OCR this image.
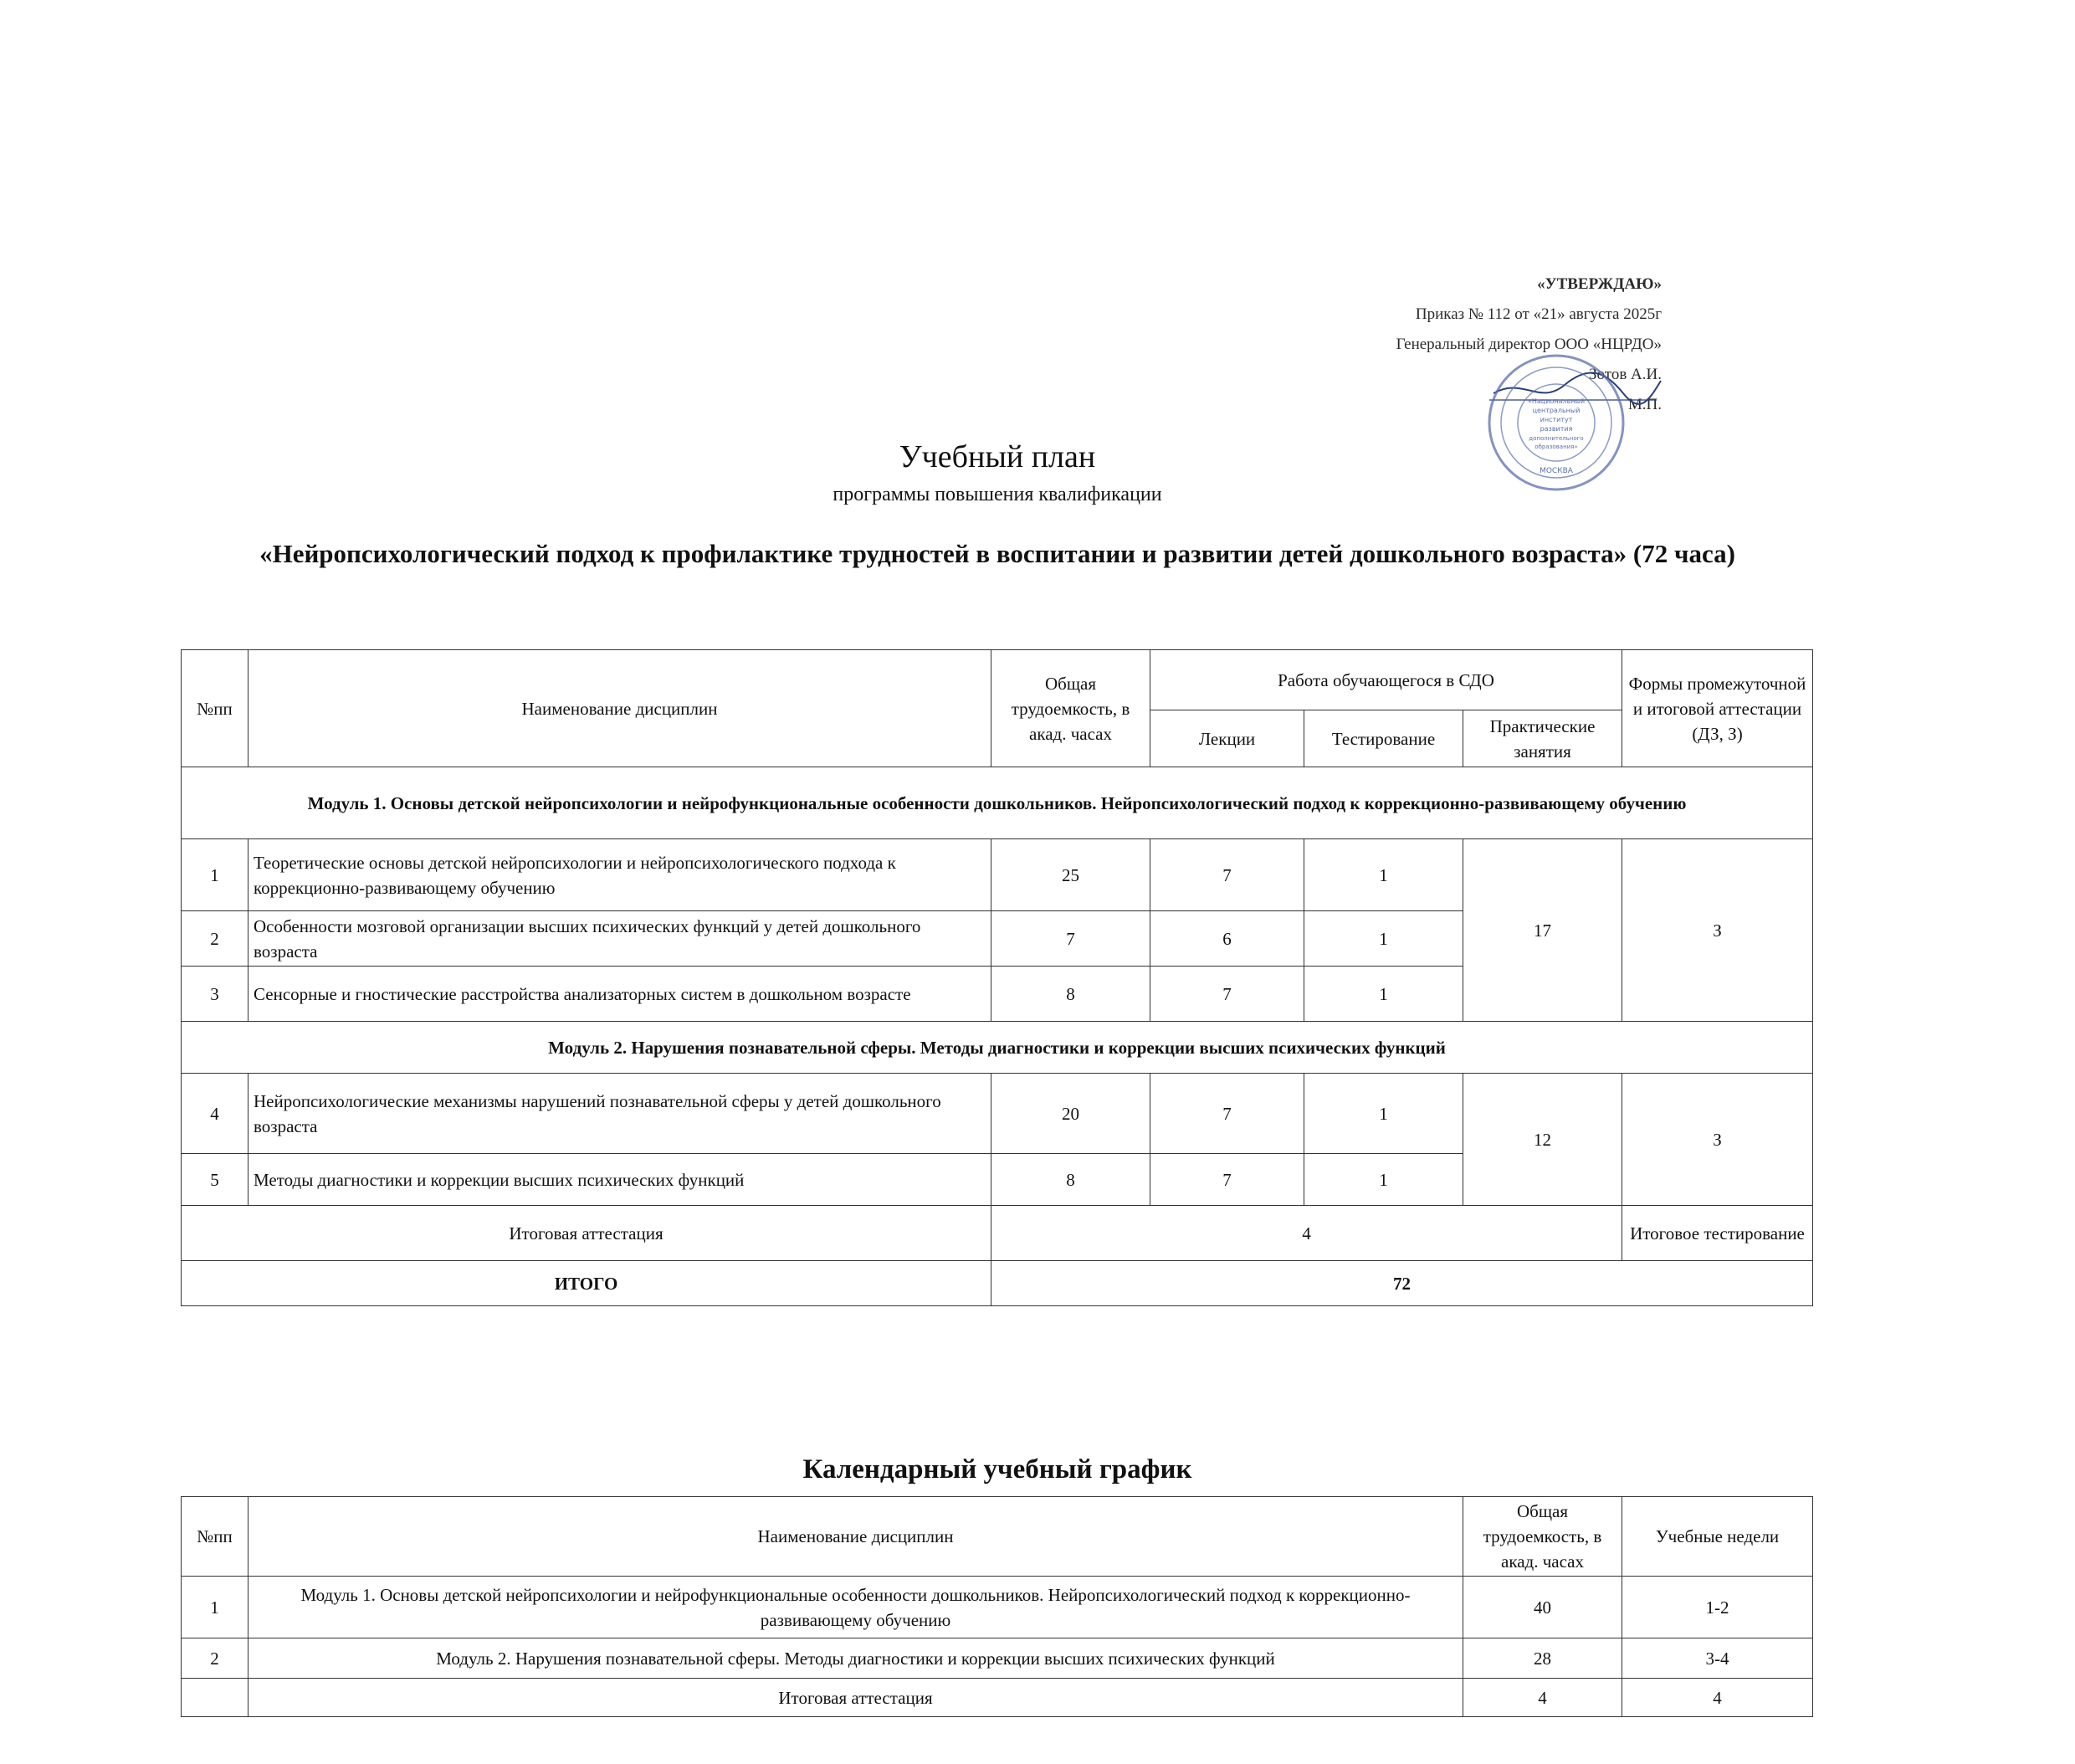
«УТВЕРЖДАЮ»
Приказ № 112 от «21» августа 2025г
Генеральный директор ООО «НЦРДО»
Зотов А.И.
М.П.
«Национальный
центральный
институт
развития
дополнительного
образования»
МОСКВА
Учебный план
программы повышения квалификации
«Нейропсихологический подход к профилактике трудностей в воспитании и развитии детей дошкольного возраста» (72 часа)
№пп	Наименование дисциплин	Общая трудоемкость, в акад. часах	Работа обучающегося в СДО			Формы промежуточной и итоговой аттестации (ДЗ, З)
			Лекции	Тестирование	Практические занятия	
Модуль 1. Основы детской нейропсихологии и нейрофункциональные особенности дошкольников. Нейропсихологический подход к коррекционно-развивающему обучению						
1	Теоретические основы детской нейропсихологии и нейропсихологического подхода к коррекционно-развивающему обучению	25	7	1	17	З
2	Особенности мозговой организации высших психических функций у детей дошкольного возраста	7	6	1		
3	Сенсорные и гностические расстройства анализаторных систем в дошкольном возрасте	8	7	1		
Модуль 2. Нарушения познавательной сферы. Методы диагностики и коррекции высших психических функций						
4	Нейропсихологические механизмы нарушений познавательной сферы у детей дошкольного возраста	20	7	1	12	З
5	Методы диагностики и коррекции высших психических функций	8	7	1		
Итоговая аттестация		4				Итоговое тестирование
ИТОГО		72				
Календарный учебный график
№пп	Наименование дисциплин	Общая трудоемкость, в акад. часах	Учебные недели
1	Модуль 1. Основы детской нейропсихологии и нейрофункциональные особенности дошкольников. Нейропсихологический подход к коррекционно-развивающему обучению	40	1-2
2	Модуль 2. Нарушения познавательной сферы. Методы диагностики и коррекции высших психических функций	28	3-4
	Итоговая аттестация	4	4
